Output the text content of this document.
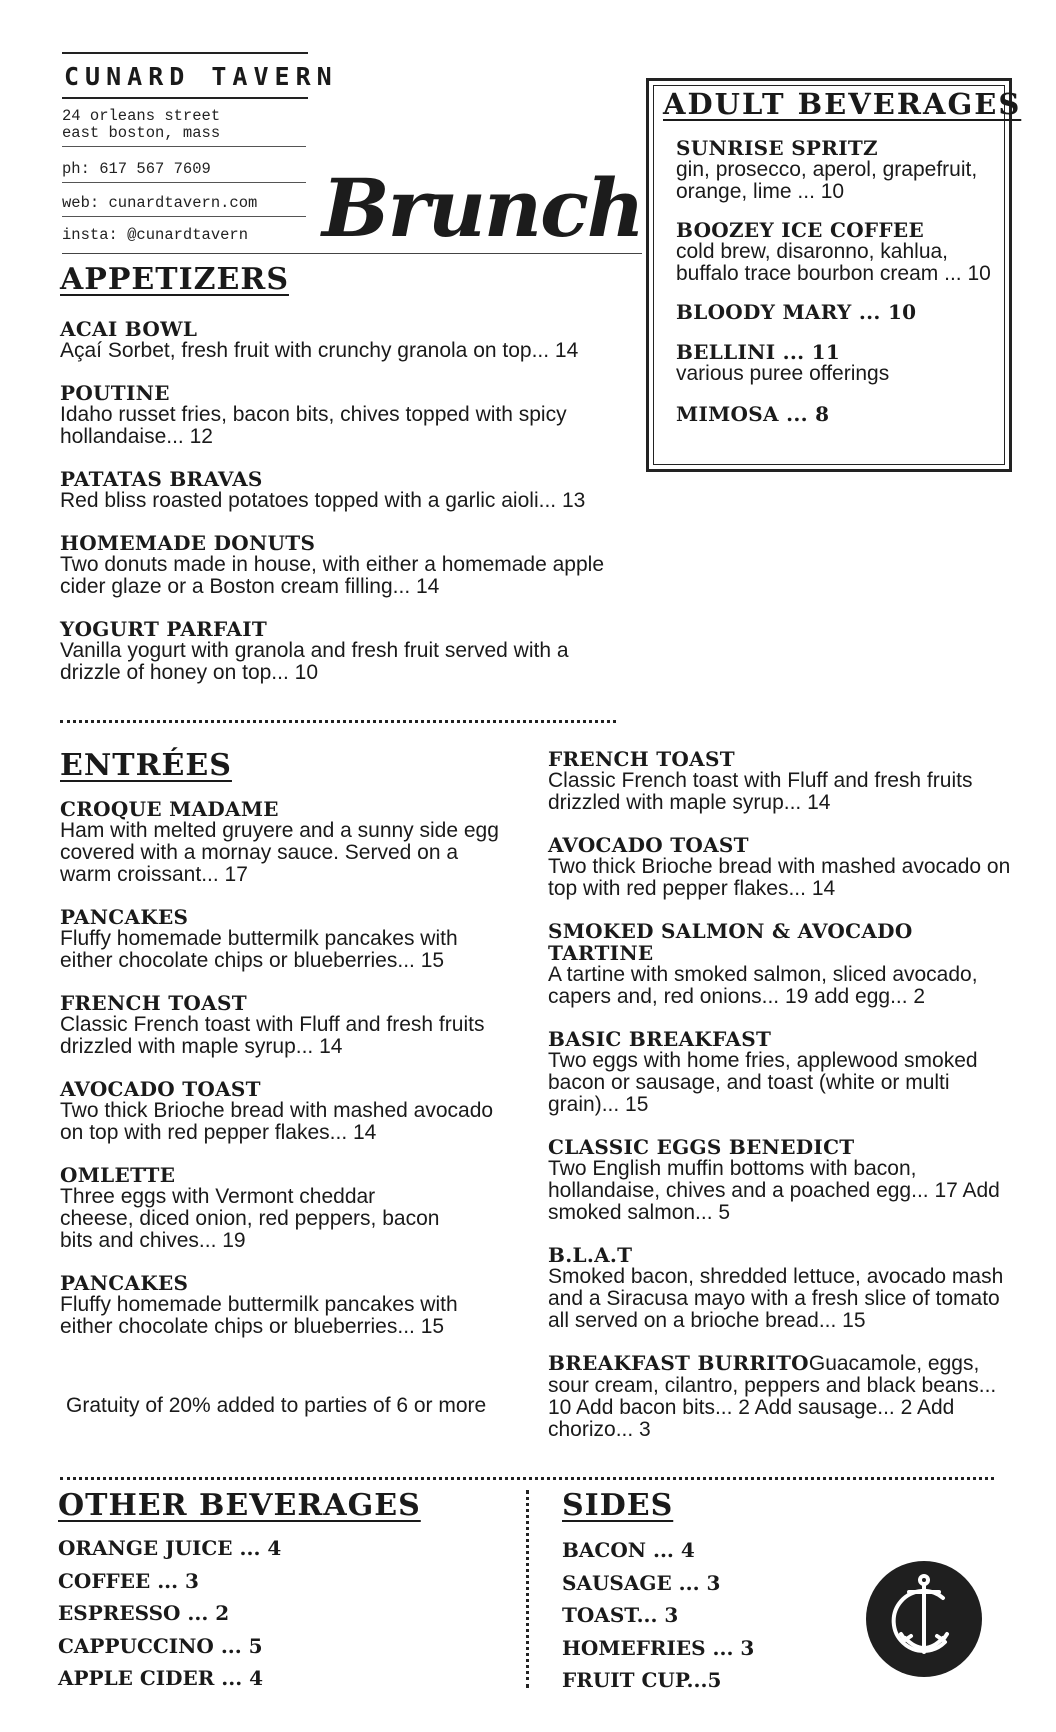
CUNARD TAVERN
24 orleans street
east boston, mass
ph: 617 567 7609
web: cunardtavern.com
insta: @cunardtavern Brunch
APPETIZERS
ACAI BOWL
Açaí Sorbet, fresh fruit with crunchy granola on top... 14
POUTINE
Idaho russet fries, bacon bits, chives topped with spicy hollandaise... 12
PATATAS BRAVAS
Red bliss roasted potatoes topped with a garlic aioli... 13
HOMEMADE DONUTS
Two donuts made in house, with either a homemade apple cider glaze or a Boston cream filling... 14
YOGURT PARFAIT
Vanilla yogurt with granola and fresh fruit served with a drizzle of honey on top... 10
ADULT BEVERAGES
SUNRISE SPRITZ
gin, prosecco, aperol, grapefruit, orange, lime ... 10
BOOZEY ICE COFFEE
cold brew, disaronno, kahlua, buffalo trace bourbon cream ... 10
BLOODY MARY ... 10
BELLINI ... 11
various puree offerings
MIMOSA ... 8
ENTRÉES
CROQUE MADAME
Ham with melted gruyere and a sunny side egg covered with a mornay sauce. Served on a warm croissant... 17
PANCAKES
Fluffy homemade buttermilk pancakes with either chocolate chips or blueberries... 15
FRENCH TOAST
Classic French toast with Fluff and fresh fruits drizzled with maple syrup... 14
AVOCADO TOAST
Two thick Brioche bread with mashed avocado on top with red pepper flakes... 14
OMLETTE
Three eggs with Vermont cheddar cheese, diced onion, red peppers, bacon bits and chives... 19
PANCAKES
Fluffy homemade buttermilk pancakes with either chocolate chips or blueberries... 15
Gratuity of 20% added to parties of 6 or more
FRENCH TOAST
Classic French toast with Fluff and fresh fruits drizzled with maple syrup... 14
AVOCADO TOAST
Two thick Brioche bread with mashed avocado on top with red pepper flakes... 14
SMOKED SALMON & AVOCADO TARTINE
A tartine with smoked salmon, sliced avocado, capers and, red onions... 19 add egg... 2
BASIC BREAKFAST
Two eggs with home fries, applewood smoked bacon or sausage, and toast (white or multi grain)... 15
CLASSIC EGGS BENEDICT
Two English muffin bottoms with bacon, hollandaise, chives and a poached egg... 17 Add smoked salmon... 5
B.L.A.T
Smoked bacon, shredded lettuce, avocado mash and a Siracusa mayo with a fresh slice of tomato all served on a brioche bread... 15
BREAKFAST BURRITOGuacamole, eggs, sour cream, cilantro, peppers and black beans... 10 Add bacon bits... 2 Add sausage... 2 Add chorizo... 3
OTHER BEVERAGES
ORANGE JUICE ... 4
COFFEE ... 3
ESPRESSO ... 2
CAPPUCCINO ... 5
APPLE CIDER ... 4
SIDES
BACON ... 4
SAUSAGE ... 3
TOAST... 3
HOMEFRIES ... 3
FRUIT CUP...5
